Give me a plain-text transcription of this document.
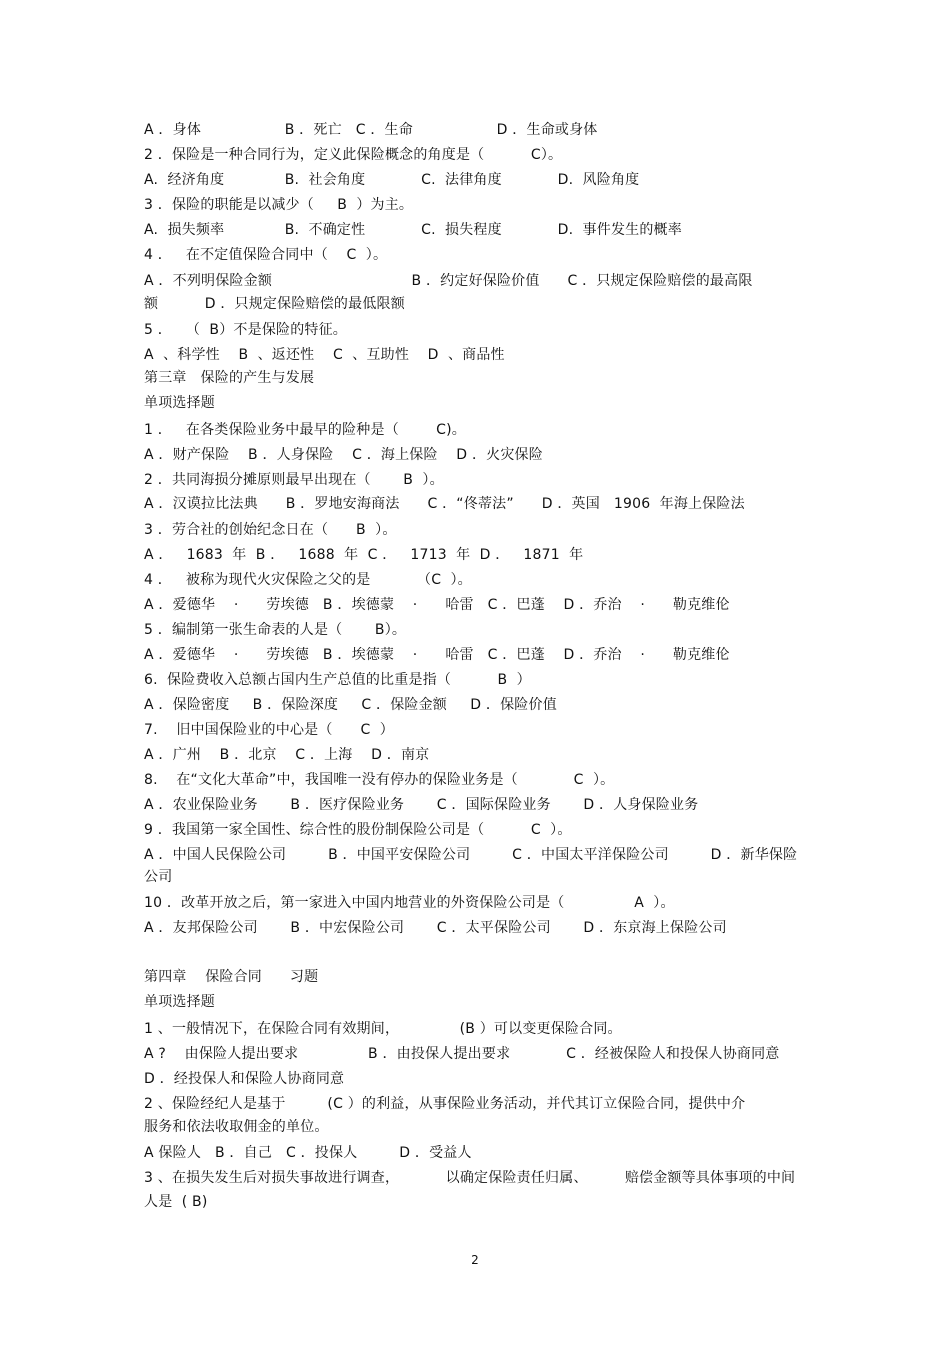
A ．身体                  B ．死亡   C ．生命                  D ．生命或身体
2 ．保险是一种合同行为，定义此保险概念的角度是（          C）。
A.  经济角度             B.  社会角度            C.  法律角度            D.  风险角度
3 ．保险的职能是以减少（     B  ）为主。
A.  损失频率             B.  不确定性            C.  损失程度            D.  事件发生的概率
4 ．   在不定值保险合同中（    C  ）。
A ．不列明保险金额                              B ．约定好保险价值      C ．只规定保险赔偿的最高限
额          D ．只规定保险赔偿的最低限额
5 ．   （  B）不是保险的特征。
A  、科学性    B  、返还性    C  、互助性    D  、商品性
第三章   保险的产生与发展
单项选择题
1 ．   在各类保险业务中最早的险种是（        C)。
A ．财产保险    B ．人身保险    C ．海上保险    D ．火灾保险
2 ．共同海损分摊原则最早出现在（       B  ）。
A ．汉谟拉比法典      B ．罗地安海商法      C ．“佟蒂法”      D ．英国   1906  年海上保险法
3 ．劳合社的创始纪念日在（      B  ）。
A ．   1683  年  B ．   1688  年  C ．   1713  年  D ．   1871  年
4 ．   被称为现代火灾保险之父的是          （C  ）。
A ．爱德华    ·      劳埃德   B ．埃德蒙    ·      哈雷   C ．巴蓬    D ．乔治    ·      勒克维伦
5 ．编制第一张生命表的人是（       B）。
A ．爱德华    ·      劳埃德   B ．埃德蒙    ·      哈雷   C ．巴蓬    D ．乔治    ·      勒克维伦
6.  保险费收入总额占国内生产总值的比重是指（          B  ）
A ．保险密度     B ．保险深度     C ．保险金额     D ．保险价值
7.    旧中国保险业的中心是（      C  ）
A ．广州    B ．北京    C ．上海    D ．南京
8.    在“文化大革命”中，我国唯一没有停办的保险业务是（            C  ）。
A ．农业保险业务       B ．医疗保险业务       C ．国际保险业务       D ．人身保险业务
9 ．我国第一家全国性、综合性的股份制保险公司是（          C  ）。
A ．中国人民保险公司         B ．中国平安保险公司         C ．中国太平洋保险公司         D ．新华保险
公司
10 ．改革开放之后，第一家进入中国内地营业的外资保险公司是（               A  ）。
A ．友邦保险公司       B ．中宏保险公司       C ．太平保险公司       D ．东京海上保险公司
第四章    保险合同      习题
单项选择题
1 、一般情况下，在保险合同有效期间，             (B ）可以变更保险合同。
A ?    由保险人提出要求               B ．由投保人提出要求            C ．经被保险人和投保人协商同意
D ．经投保人和保险人协商同意
2 、保险经纪人是基于         (C ）的利益，从事保险业务活动，并代其订立保险合同，提供中介
服务和依法收取佣金的单位。
A 保险人   B ．自己   C ．投保人         D ．受益人
3 、在损失发生后对损失事故进行调查，          以确定保险责任归属、        赔偿金额等具体事项的中间
人是  ( B)
2
